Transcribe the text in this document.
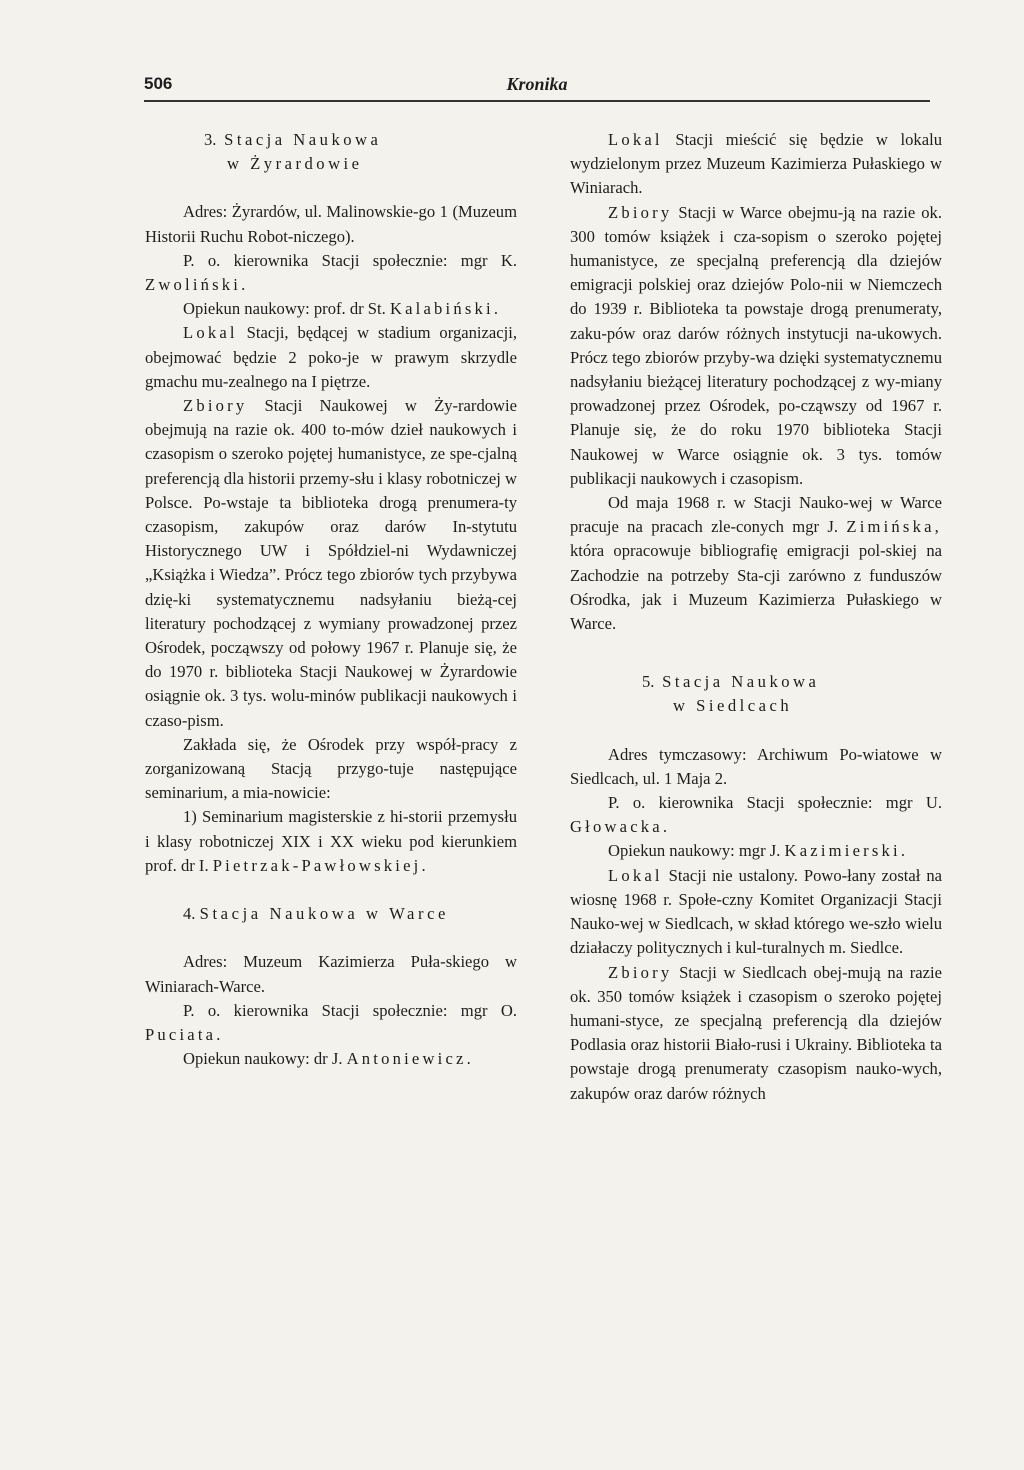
506	Kronika

3. Stacja Naukowa
w Żyrardowie

Adres: Żyrardów, ul. Malinowskie-go 1 (Muzeum Historii Ruchu Robot-niczego).

P. o. kierownika Stacji społecznie: mgr K. Zwoliński.

Opiekun naukowy: prof. dr St. Kalabiński.

Lokal Stacji, będącej w stadium organizacji, obejmować będzie 2 poko-je w prawym skrzydle gmachu mu-zealnego na I piętrze.

Zbiory Stacji Naukowej w Ży-rardowie obejmują na razie ok. 400 to-mów dzieł naukowych i czasopism o szeroko pojętej humanistyce, ze spe-cjalną preferencją dla historii przemy-słu i klasy robotniczej w Polsce. Po-wstaje ta biblioteka drogą prenumera-ty czasopism, zakupów oraz darów In-stytutu Historycznego UW i Spółdziel-ni Wydawniczej „Książka i Wiedza”. Prócz tego zbiorów tych przybywa dzię-ki systematycznemu nadsyłaniu bieżą-cej literatury pochodzącej z wymiany prowadzonej przez Ośrodek, począwszy od połowy 1967 r. Planuje się, że do 1970 r. biblioteka Stacji Naukowej w Żyrardowie osiągnie ok. 3 tys. wolu-minów publikacji naukowych i czaso-pism.

Zakłada się, że Ośrodek przy współ-pracy z zorganizowaną Stacją przygo-tuje następujące seminarium, a mia-nowicie:

1) Seminarium magisterskie z hi-storii przemysłu i klasy robotniczej XIX i XX wieku pod kierunkiem prof. dr I. Pietrzak-Pawłowskiej.

4. Stacja Naukowa w Warce

Adres: Muzeum Kazimierza Puła-skiego w Winiarach-Warce.

P. o. kierownika Stacji społecznie: mgr O. Puciata.

Opiekun naukowy: dr J. Antoniewicz.

Lokal Stacji mieścić się będzie w lokalu wydzielonym przez Muzeum Kazimierza Pułaskiego w Winiarach.

Zbiory Stacji w Warce obejmu-ją na razie ok. 300 tomów książek i cza-sopism o szeroko pojętej humanistyce, ze specjalną preferencją dla dziejów emigracji polskiej oraz dziejów Polo-nii w Niemczech do 1939 r. Biblioteka ta powstaje drogą prenumeraty, zaku-pów oraz darów różnych instytucji na-ukowych. Prócz tego zbiorów przyby-wa dzięki systematycznemu nadsyłaniu bieżącej literatury pochodzącej z wy-miany prowadzonej przez Ośrodek, po-cząwszy od 1967 r. Planuje się, że do roku 1970 biblioteka Stacji Naukowej w Warce osiągnie ok. 3 tys. tomów publikacji naukowych i czasopism.

Od maja 1968 r. w Stacji Nauko-wej w Warce pracuje na pracach zle-conych mgr J. Zimińska, która opracowuje bibliografię emigracji pol-skiej na Zachodzie na potrzeby Sta-cji zarówno z funduszów Ośrodka, jak i Muzeum Kazimierza Pułaskiego w Warce.

5. Stacja Naukowa
w Siedlcach

Adres tymczasowy: Archiwum Po-wiatowe w Siedlcach, ul. 1 Maja 2.

P. o. kierownika Stacji społecznie: mgr U. Głowacka.

Opiekun naukowy: mgr J. Kazimierski.

Lokal Stacji nie ustalony. Powo-łany został na wiosnę 1968 r. Społe-czny Komitet Organizacji Stacji Nauko-wej w Siedlcach, w skład którego we-szło wielu działaczy politycznych i kul-turalnych m. Siedlce.

Zbiory Stacji w Siedlcach obej-mują na razie ok. 350 tomów książek i czasopism o szeroko pojętej humani-styce, ze specjalną preferencją dla dziejów Podlasia oraz historii Biało-rusi i Ukrainy. Biblioteka ta powstaje drogą prenumeraty czasopism nauko-wych, zakupów oraz darów różnych
